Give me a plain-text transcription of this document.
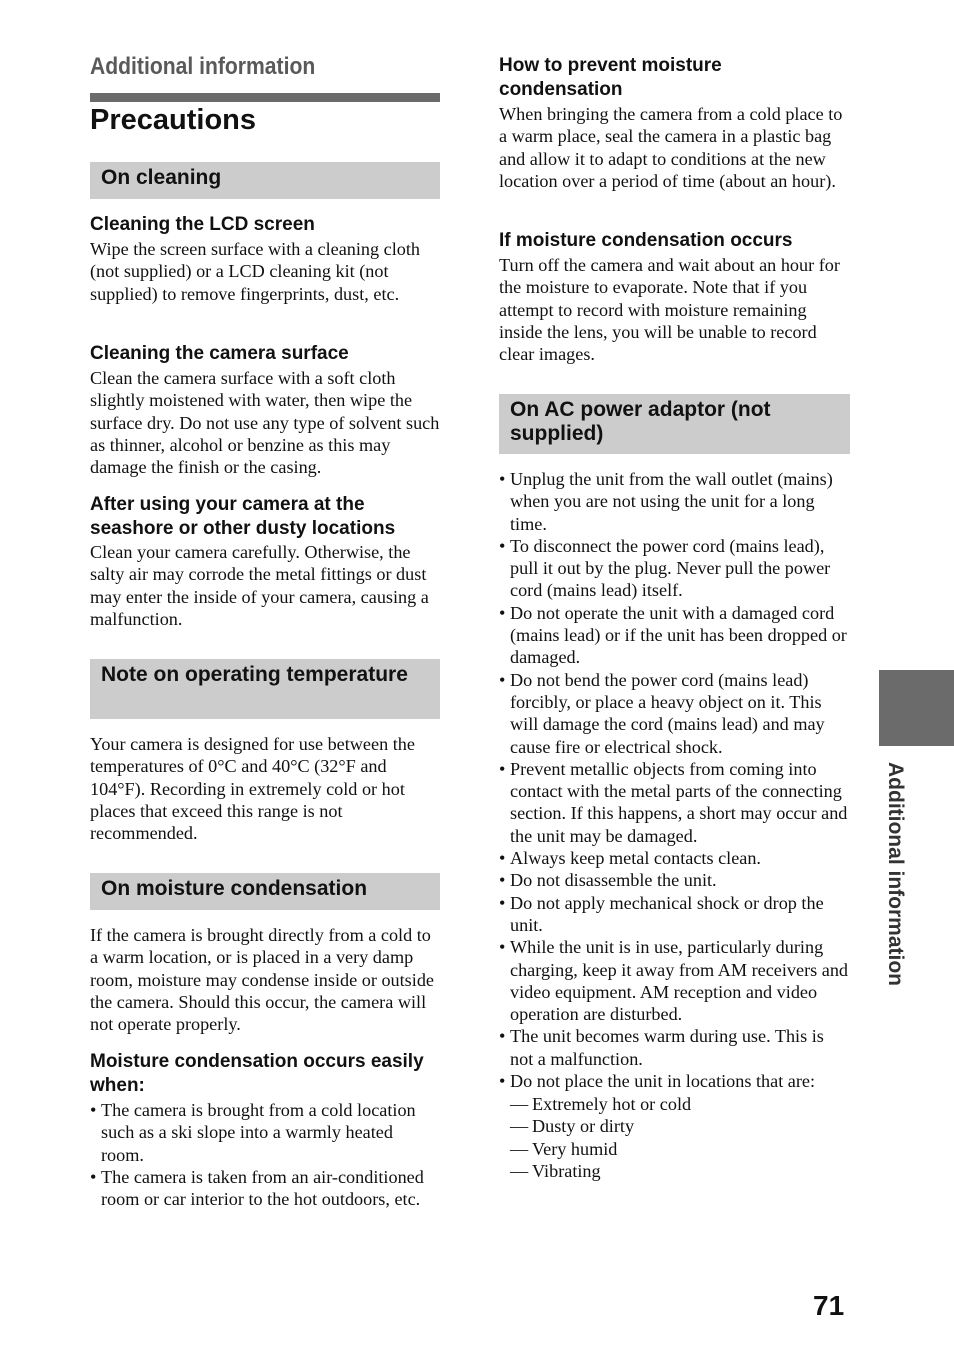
Additional information
Precautions
On cleaning
Cleaning the LCD screen

Wipe the screen surface with a cleaning cloth (not supplied) or a LCD cleaning kit (not supplied) to remove fingerprints, dust, etc.

Cleaning the camera surface

Clean the camera surface with a soft cloth slightly moistened with water, then wipe the surface dry. Do not use any type of solvent such as thinner, alcohol or benzine as this may damage the finish or the casing.

After using your camera at the seashore or other dusty locations

Clean your camera carefully. Otherwise, the salty air may corrode the metal fittings or dust may enter the inside of your camera, causing a malfunction.

Note on operating temperature

Your camera is designed for use between the temperatures of 0°C and 40°C (32°F and 104°F). Recording in extremely cold or hot places that exceed this range is not recommended.

On moisture condensation

If the camera is brought directly from a cold to a warm location, or is placed in a very damp room, moisture may condense inside or outside the camera. Should this occur, the camera will not operate properly.

Moisture condensation occurs easily when:
• The camera is brought from a cold location such as a ski slope into a warmly heated room.
• The camera is taken from an air-conditioned room or car interior to the hot outdoors, etc.
How to prevent moisture condensation

When bringing the camera from a cold place to a warm place, seal the camera in a plastic bag and allow it to adapt to conditions at the new location over a period of time (about an hour).

If moisture condensation occurs

Turn off the camera and wait about an hour for the moisture to evaporate. Note that if you attempt to record with moisture remaining inside the lens, you will be unable to record clear images.

On AC power adaptor (not supplied)
• Unplug the unit from the wall outlet (mains) when you are not using the unit for a long time.
• To disconnect the power cord (mains lead), pull it out by the plug. Never pull the power cord (mains lead) itself.
• Do not operate the unit with a damaged cord (mains lead) or if the unit has been dropped or damaged.
• Do not bend the power cord (mains lead) forcibly, or place a heavy object on it. This will damage the cord (mains lead) and may cause fire or electrical shock.
• Prevent metallic objects from coming into contact with the metal parts of the connecting section. If this happens, a short may occur and the unit may be damaged.
• Always keep metal contacts clean.
• Do not disassemble the unit.
• Do not apply mechanical shock or drop the unit.
• While the unit is in use, particularly during charging, keep it away from AM receivers and video equipment. AM reception and video operation are disturbed.
• The unit becomes warm during use. This is not a malfunction.
• Do not place the unit in locations that are:
— Extremely hot or cold
— Dusty or dirty
— Very humid
— Vibrating
Additional information
71
